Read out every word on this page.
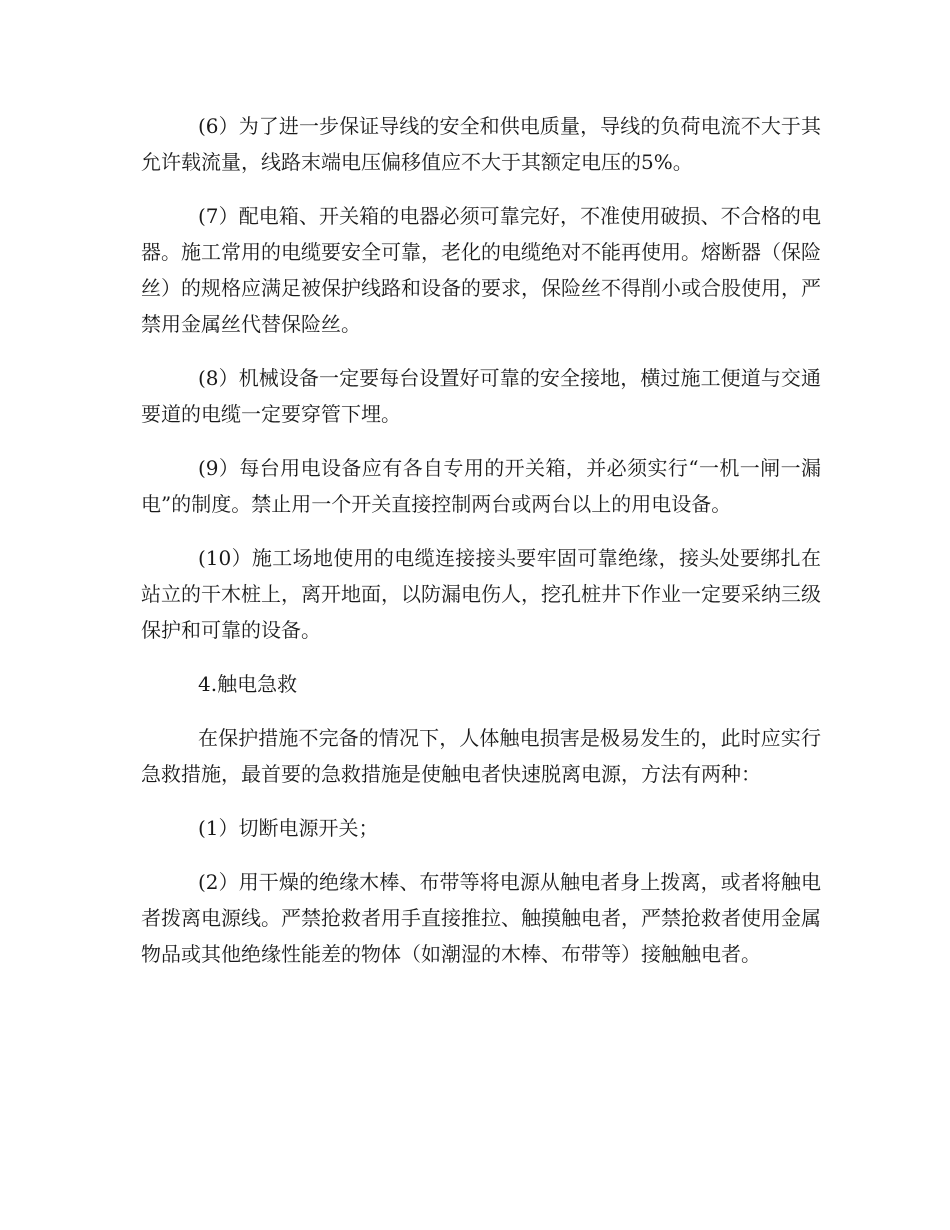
(6）为了进一步保证导线的安全和供电质量，导线的负荷电流不大于其允许载流量，线路末端电压偏移值应不大于其额定电压的5%。

(7）配电箱、开关箱的电器必须可靠完好，不准使用破损、不合格的电器。施工常用的电缆要安全可靠，老化的电缆绝对不能再使用。熔断器（保险丝）的规格应满足被保护线路和设备的要求，保险丝不得削小或合股使用，严禁用金属丝代替保险丝。

(8）机械设备一定要每台设置好可靠的安全接地，横过施工便道与交通要道的电缆一定要穿管下埋。

(9）每台用电设备应有各自专用的开关箱，并必须实行“一机一闸一漏电”的制度。禁止用一个开关直接控制两台或两台以上的用电设备。

(10）施工场地使用的电缆连接接头要牢固可靠绝缘，接头处要绑扎在站立的干木桩上，离开地面，以防漏电伤人，挖孔桩井下作业一定要采纳三级保护和可靠的设备。

4.触电急救

在保护措施不完备的情况下，人体触电损害是极易发生的，此时应实行急救措施，最首要的急救措施是使触电者快速脱离电源，方法有两种：

(1）切断电源开关；

(2）用干燥的绝缘木棒、布带等将电源从触电者身上拨离，或者将触电者拨离电源线。严禁抢救者用手直接推拉、触摸触电者，严禁抢救者使用金属物品或其他绝缘性能差的物体（如潮湿的木棒、布带等）接触触电者。
